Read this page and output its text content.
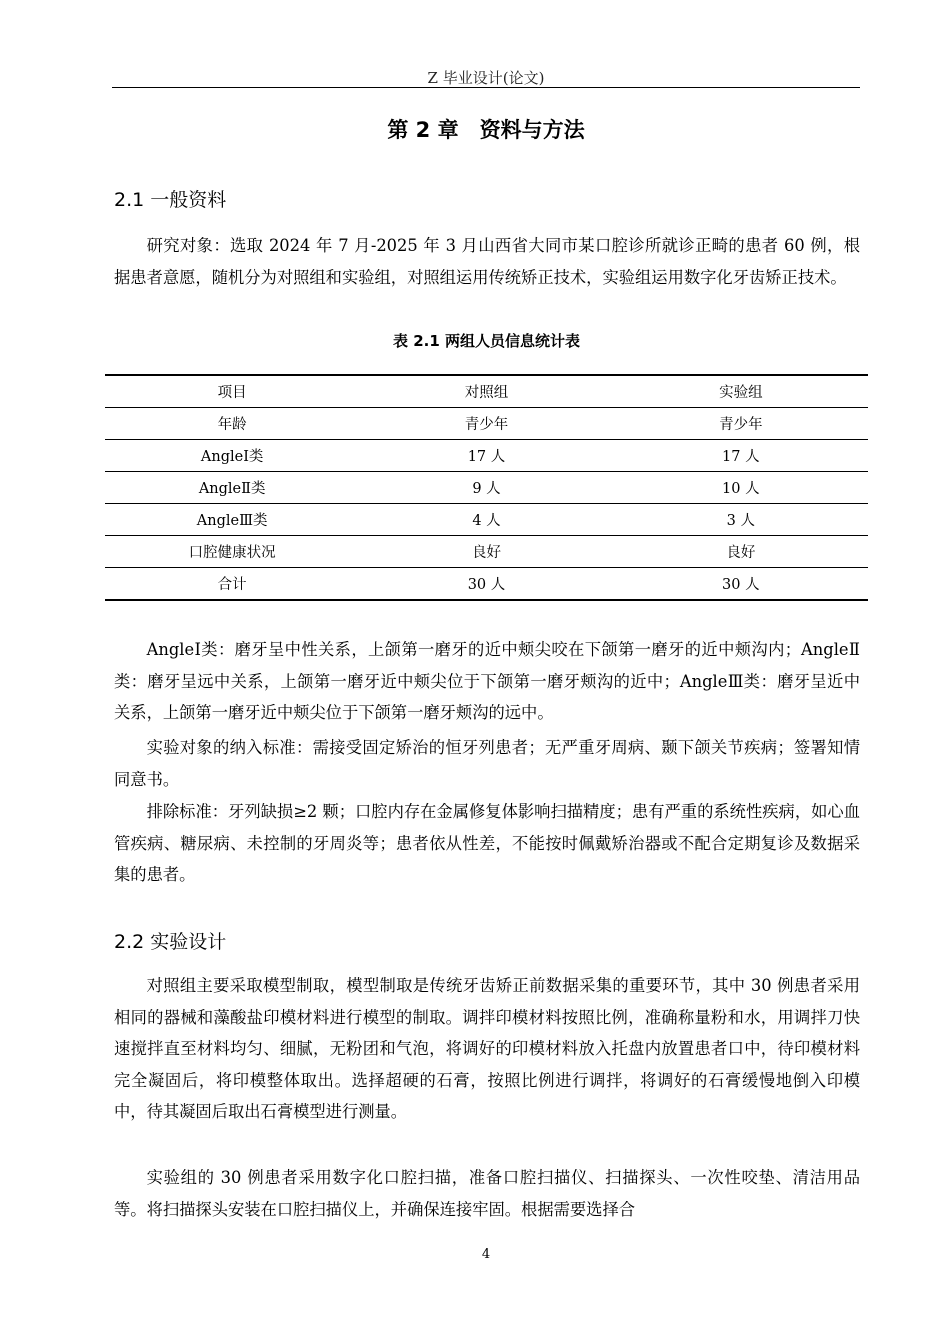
Z 毕业设计(论文)
第 2 章　资料与方法
2.1 一般资料

研究对象：选取 2024 年 7 月-2025 年 3 月山西省大同市某口腔诊所就诊正畸的患者 60 例，根据患者意愿，随机分为对照组和实验组，对照组运用传统矫正技术，实验组运用数字化牙齿矫正技术。

表 2.1 两组人员信息统计表
项目	对照组	实验组
年龄	青少年	青少年
AngleⅠ类	17 人	17 人
AngleⅡ类	9 人	10 人
AngleⅢ类	4 人	3 人
口腔健康状况	良好	良好
合计	30 人	30 人

AngleⅠ类：磨牙呈中性关系，上颌第一磨牙的近中颊尖咬在下颌第一磨牙的近中颊沟内；AngleⅡ类：磨牙呈远中关系，上颌第一磨牙近中颊尖位于下颌第一磨牙颊沟的近中；AngleⅢ类：磨牙呈近中关系，上颌第一磨牙近中颊尖位于下颌第一磨牙颊沟的远中。

实验对象的纳入标准：需接受固定矫治的恒牙列患者；无严重牙周病、颞下颌关节疾病；签署知情同意书。

排除标准：牙列缺损≥2 颗；口腔内存在金属修复体影响扫描精度；患有严重的系统性疾病，如心血管疾病、糖尿病、未控制的牙周炎等；患者依从性差，不能按时佩戴矫治器或不配合定期复诊及数据采集的患者。

2.2 实验设计

对照组主要采取模型制取，模型制取是传统牙齿矫正前数据采集的重要环节，其中 30 例患者采用相同的器械和藻酸盐印模材料进行模型的制取。调拌印模材料按照比例，准确称量粉和水，用调拌刀快速搅拌直至材料均匀、细腻，无粉团和气泡，将调好的印模材料放入托盘内放置患者口中，待印模材料完全凝固后，将印模整体取出。选择超硬的石膏，按照比例进行调拌，将调好的石膏缓慢地倒入印模中，待其凝固后取出石膏模型进行测量。

实验组的 30 例患者采用数字化口腔扫描，准备口腔扫描仪、扫描探头、一次性咬垫、清洁用品等。将扫描探头安装在口腔扫描仪上，并确保连接牢固。根据需要选择合

4
